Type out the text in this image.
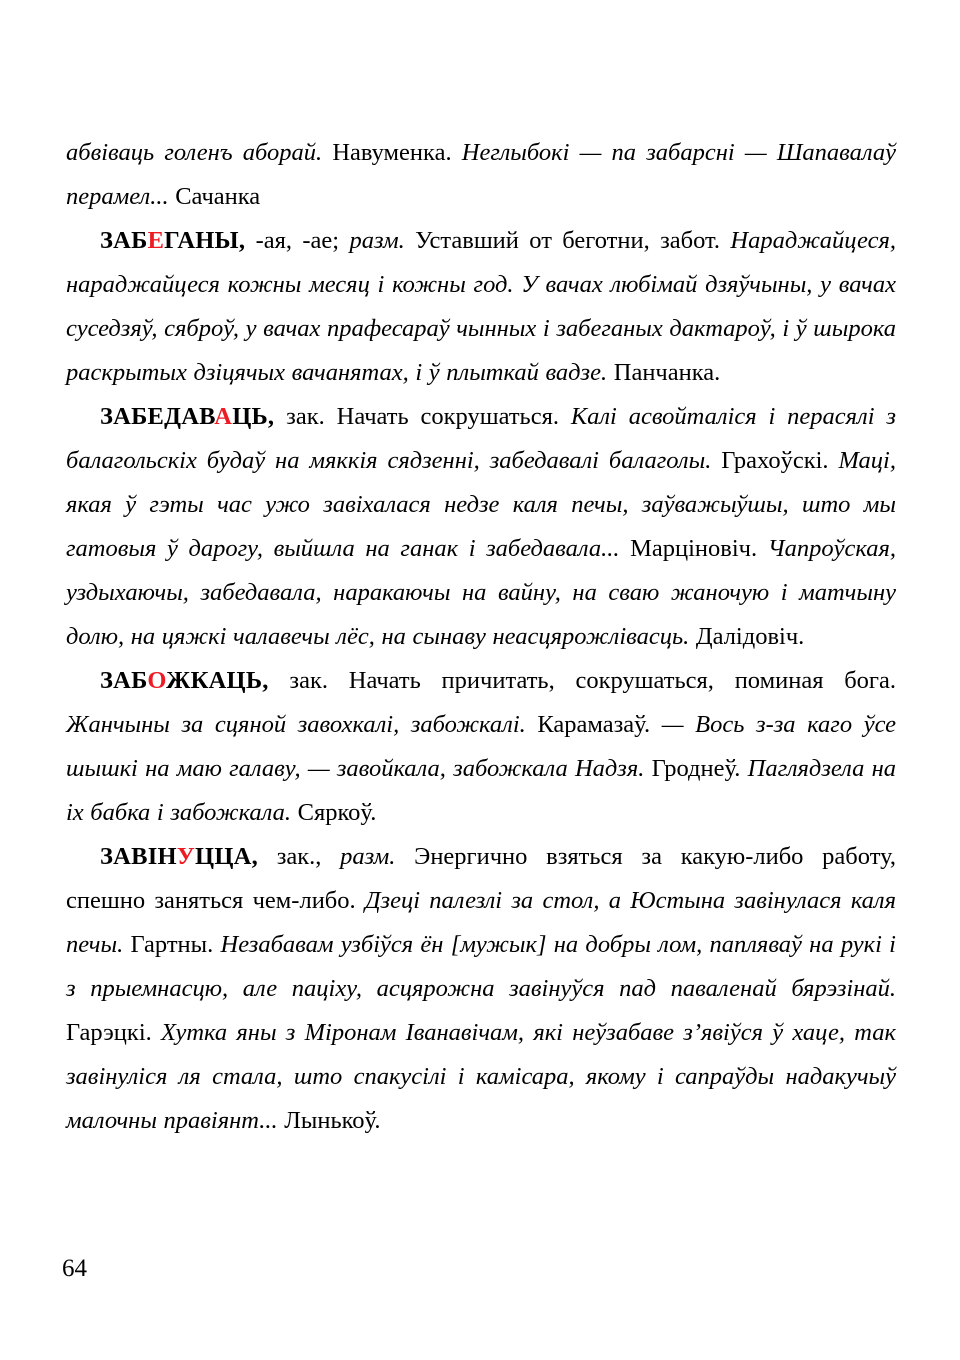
абвіваць голенъ аборай. Навуменка. Неглыбокі — па забарсні — Шапавалаў перамел... Сачанка

ЗАБЕГАНЫ, -ая, -ае; разм. Уставший от беготни, забот. Нараджайцеся, нараджайцеся кожны месяц і кожны год. У вачах любімай дзяўчыны, у вачах суседзяў, сяброў, у вачах прафесараў чынных і забеганых дактароў, і ў шырока раскрытых дзіцячых вачанятах, і ў плыткай вадзе. Панчанка.

ЗАБЕДАВАЦЬ, зак. Начать сокрушаться. Калі асвойталіся і перасялі з балагольскіх будаў на мяккія сядзенні, забедавалі балаголы. Грахоўскі. Маці, якая ў гэты час ужо завіхалася недзе каля печы, заўважыўшы, што мы гатовыя ў дарогу, выйшла на ганак і забедавала... Марціновіч. Чапроўская, уздыхаючы, забедавала, наракаючы на вайну, на сваю жаночую і матчыну долю, на цяжкі чалавечы лёс, на сынаву неасцярожлівасць. Далідовіч.

ЗАБОЖКАЦЬ, зак. Начать причитать, сокрушаться, поминая бога. Жанчыны за сцяной завохкалі, забожкалі. Карамазаў. — Вось з-за каго ўсе шышкі на маю галаву, — завойкала, забожкала Надзя. Гроднеў. Паглядзела на іх бабка і забожкала. Сяркоў.

ЗАВІНУЦЦА, зак., разм. Энергично взяться за какую-либо работу, спешно заняться чем-либо. Дзеці палезлі за стол, а Юстына завінулася каля печы. Гартны. Незабавам узбіўся ён [мужык] на добры лом, папляваў на рукі і з прыемнасцю, але паціху, асцярожна завінуўся пад паваленай бярэзінай. Гарэцкі. Хутка яны з Міронам Іванавічам, які неўзабаве з’явіўся ў хаце, так завінуліся ля стала, што спакусілі і камісара, якому і сапраўды надакучыў малочны правіянт... Лынькоў.

64
